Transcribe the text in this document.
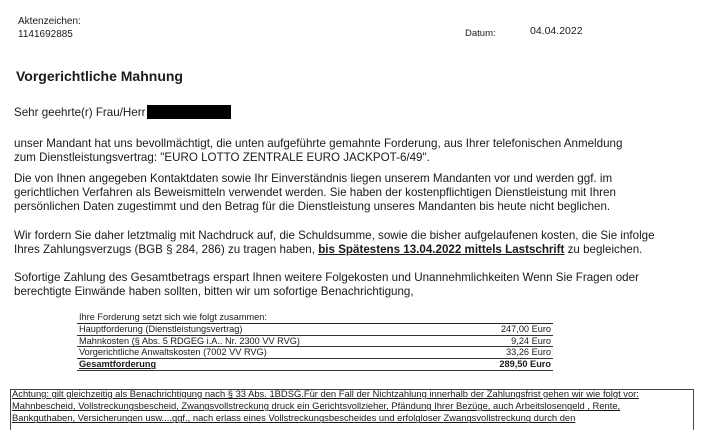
Aktenzeichen:
1141692885	Datum:	04.04.2022
Vorgerichtliche Mahnung
Sehr geehrte(r) Frau/Herr
unser Mandant hat uns bevollmächtigt, die unten aufgeführte gemahnte Forderung, aus Ihrer telefonischen Anmeldung
zum Dienstleistungsvertrag: "EURO LOTTO ZENTRALE EURO JACKPOT-6/49".
Die von Ihnen angegeben Kontaktdaten sowie Ihr Einverständnis liegen unserem Mandanten vor und werden ggf. im
gerichtlichen Verfahren als Beweismitteln verwendet werden. Sie haben der kostenpflichtigen Dienstleistung mit Ihren
persönlichen Daten zugestimmt und den Betrag für die Dienstleistung unseres Mandanten bis heute nicht beglichen.
Wir fordern Sie daher letztmalig mit Nachdruck auf, die Schuldsumme, sowie die bisher aufgelaufenen kosten, die Sie infolge
Ihres Zahlungsverzugs (BGB § 284, 286) zu tragen haben, bis Spätestens 13.04.2022 mittels Lastschrift zu begleichen.
Sofortige Zahlung des Gesamtbetrags erspart Ihnen weitere Folgekosten und Unannehmlichkeiten Wenn Sie Fragen oder
berechtigte Einwände haben sollten, bitten wir um sofortige Benachrichtigung,
Ihre Forderung setzt sich wie folgt zusammen:
Hauptforderung (Dienstleistungsvertrag)	247,00 Euro
Mahnkosten (§ Abs. 5 RDGEG i.A.. Nr. 2300 VV RVG)	9,24 Euro
Vorgerichtliche Anwaltskosten (7002 VV RVG)	33,26 Euro
Gesamtforderung	289,50 Euro
Achtung: gilt gleichzeitig als Benachrichtigung nach § 33 Abs. 1BDSG.Für den Fall der Nichtzahlung innerhalb der Zahlungsfrist gehen wir wie folgt vor:
Mahnbescheid, Vollstreckungsbescheid, Zwangsvollstreckung druck ein Gerichtsvollzieher, Pfändung Ihrer Bezüge, auch Arbeitslosengeld , Rente,
Bankguthaben, Versicherungen usw....ggf., nach erlass eines Vollstreckungsbescheides und erfolgloser Zwangsvollstreckung durch den
